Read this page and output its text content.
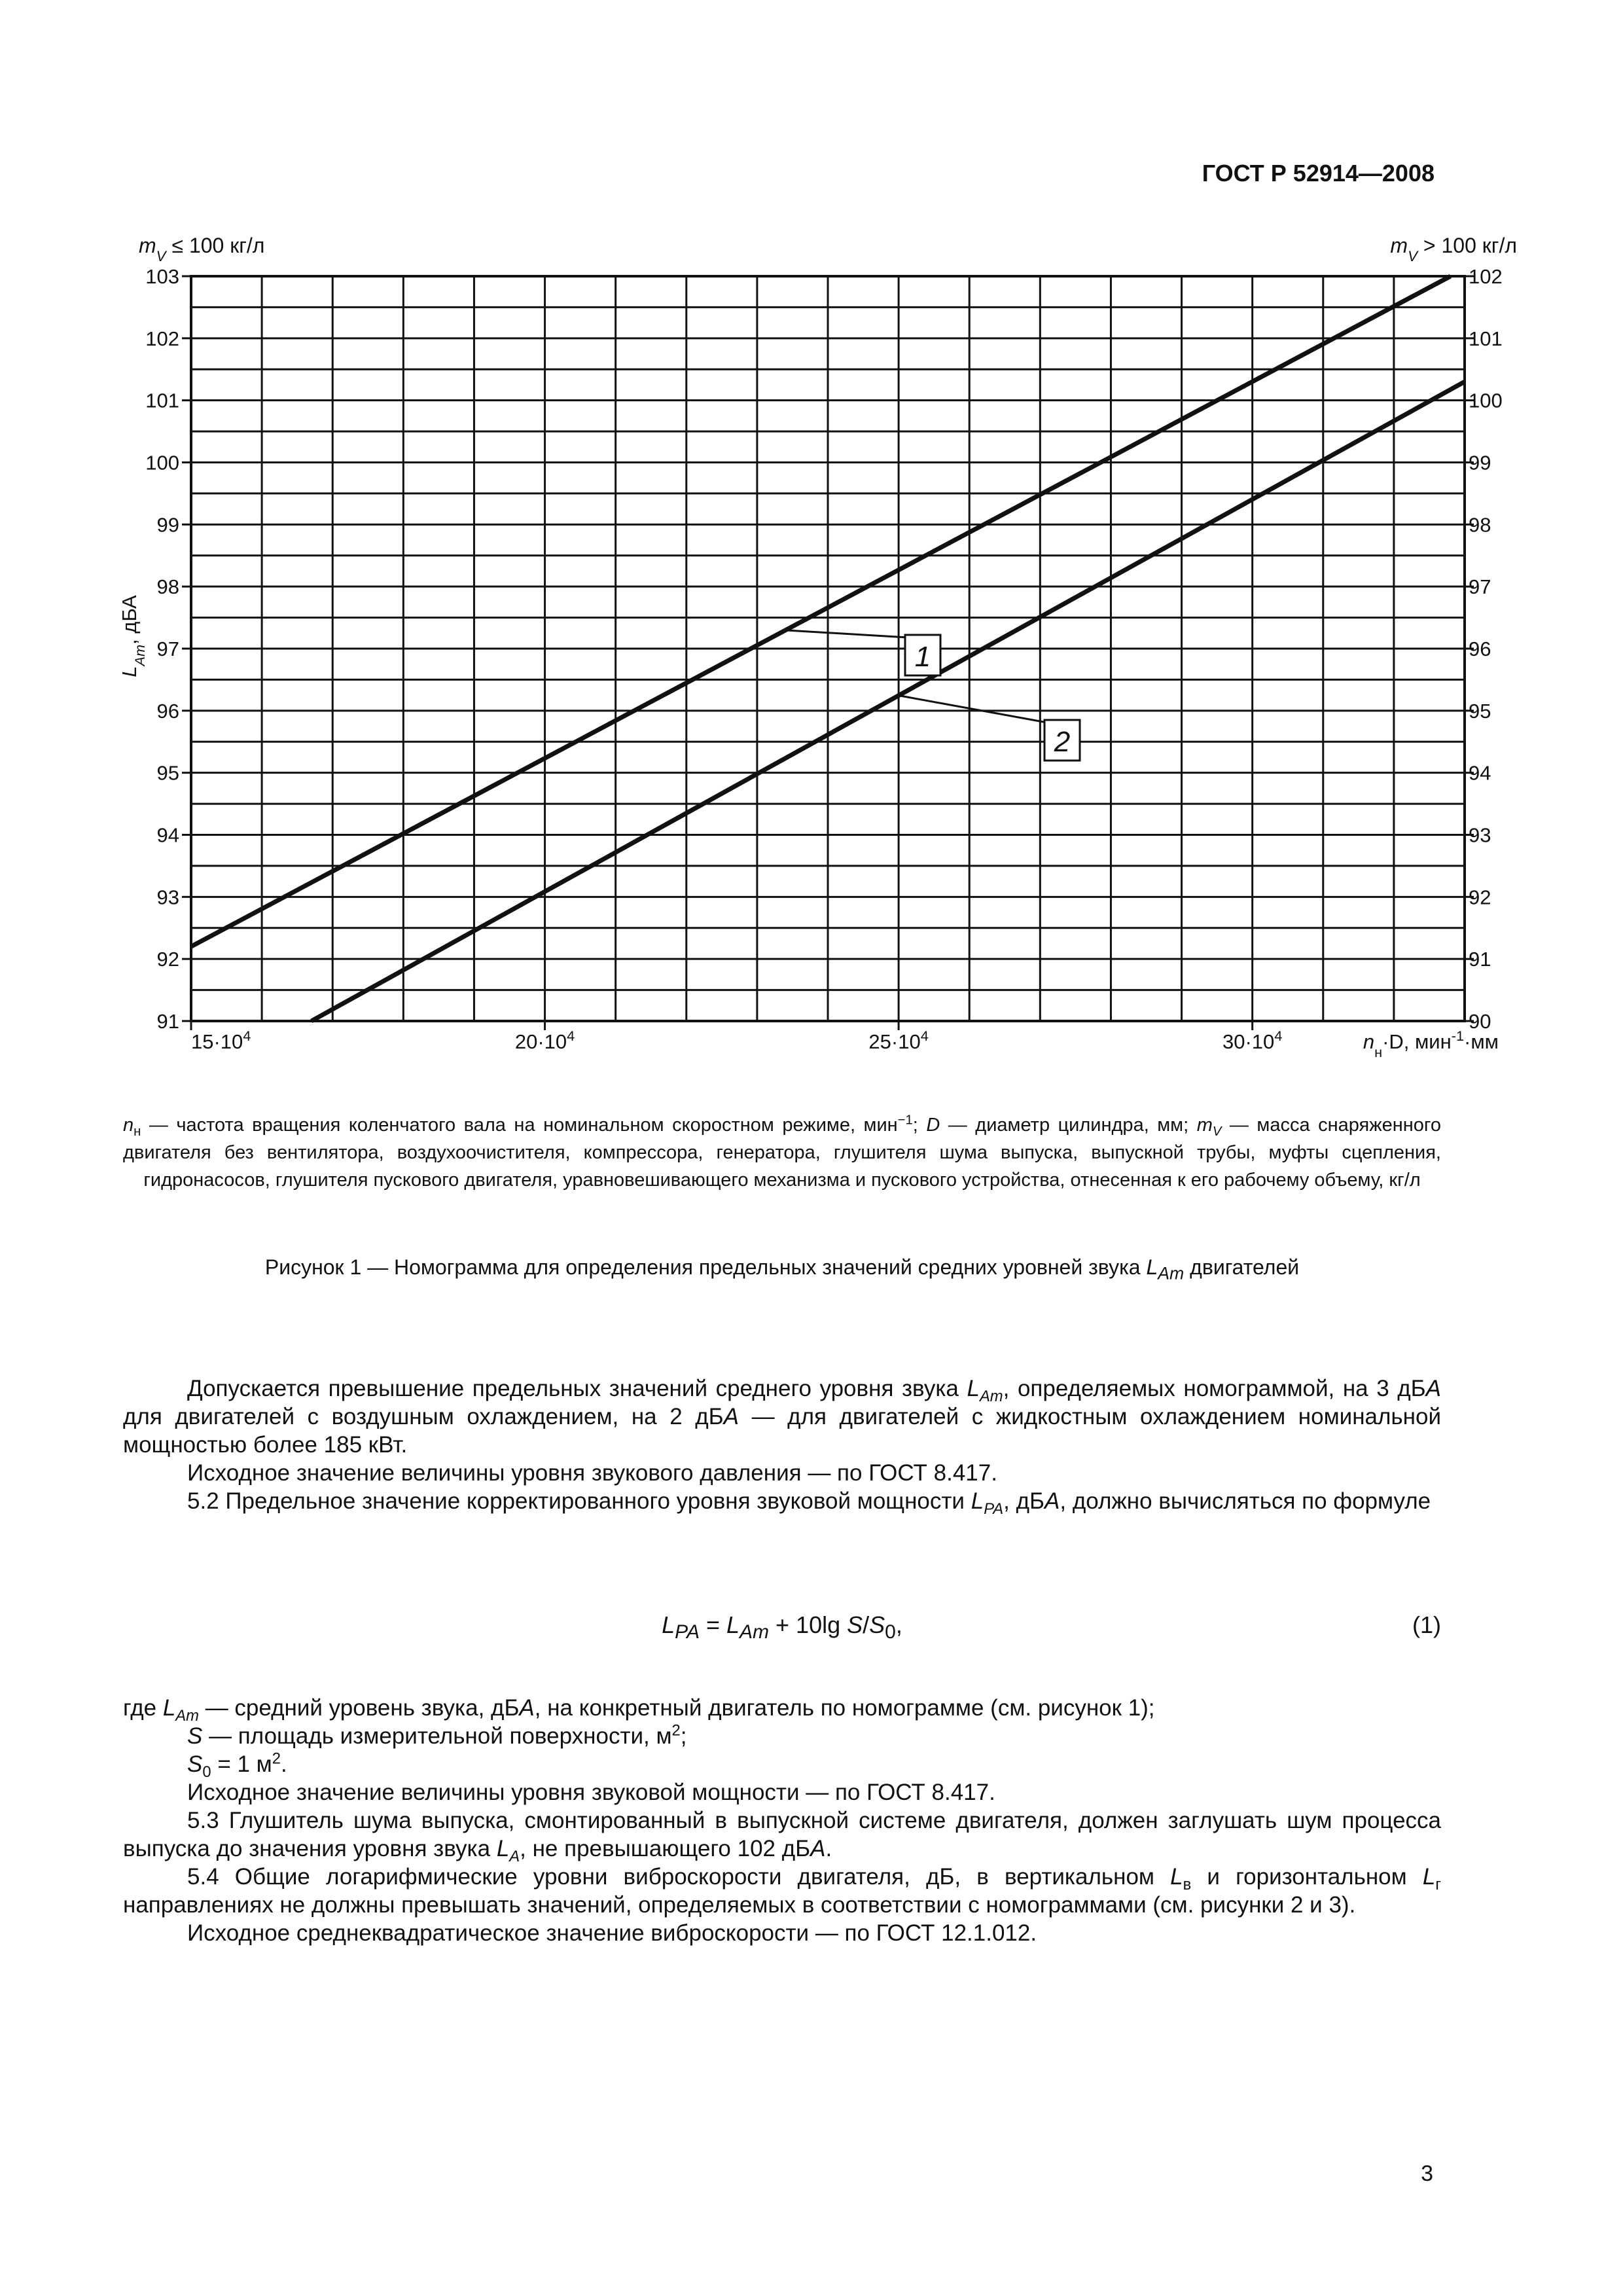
ГОСТ Р 52914—2008
91
92
93
94
95
96
97
98
99
100
101
102
103
90
91
92
93
94
95
96
97
98
99
100
101
102
$15\cdot 10^4$	$20\cdot 10^4$	$25\cdot 10^4$	$30\cdot 10^4$
$m_V \le 100$ кг/л	$m_V > 100$ кг/л
$n_н\cdot D$, мин$^{-1}$·мм
$L_{Am}$, дБА
1
2
$n_н$ — частота вращения коленчатого вала на номинальном скоростном режиме, мин$^{-1}$; D — диаметр цилиндра, мм; $m_V$ — масса снаряженного двигателя без вентилятора, воздухоочистителя, компрессора, генератора, глушителя шума выпуска, выпускной трубы, муфты сцепления, гидронасосов, глушителя пускового двигателя, уравновешивающего механизма и пускового устройства, отнесенная к его рабочему объему, кг/л
Рисунок 1 — Номограмма для определения предельных значений средних уровней звука $L_{Am}$ двигателей

Допускается превышение предельных значений среднего уровня звука $L_{Am}$, определяемых номограммой, на 3 дБА для двигателей с воздушным охлаждением, на 2 дБА — для двигателей с жидкостным охлаждением номинальной мощностью более 185 кВт.

Исходное значение величины уровня звукового давления — по ГОСТ 8.417.

5.2 Предельное значение корректированного уровня звуковой мощности $L_{PA}$, дБА, должно вычисляться по формуле

$L_{PA} = L_{Am} + 10\lg$ $S/S_0$,	(1)

где $L_{Am}$ — средний уровень звука, дБА, на конкретный двигатель по номограмме (см. рисунок 1);

S — площадь измерительной поверхности, $м^2$;

$S_0 = 1$ $м^2$.

Исходное значение величины уровня звуковой мощности — по ГОСТ 8.417.

5.3 Глушитель шума выпуска, смонтированный в выпускной системе двигателя, должен заглушать шум процесса выпуска до значения уровня звука $L_A$, не превышающего 102 дБА.

5.4 Общие логарифмические уровни виброскорости двигателя, дБ, в вертикальном $L_в$ и горизонтальном $L_г$ направлениях не должны превышать значений, определяемых в соответствии с номограммами (см. рисунки 2 и 3).

Исходное среднеквадратическое значение виброскорости — по ГОСТ 12.1.012.

3
